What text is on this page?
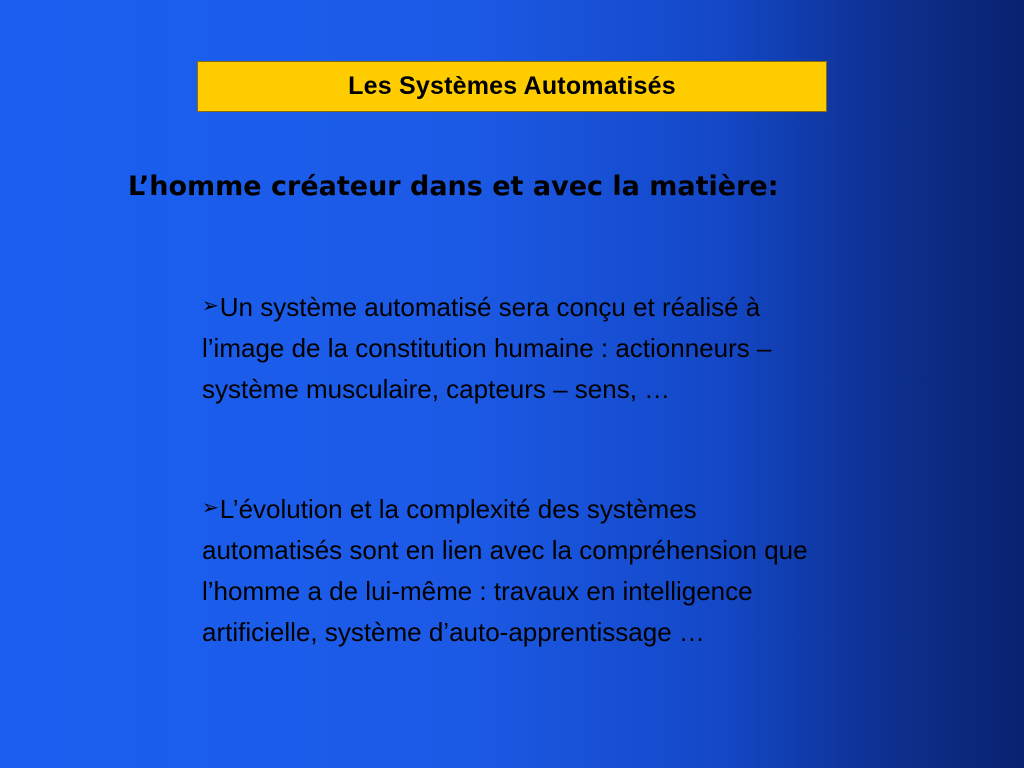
Les Systèmes Automatisés
L’homme créateur dans et avec la matière:
➢Un système automatisé sera conçu et réalisé à l’image de la constitution humaine : actionneurs – système musculaire, capteurs – sens, …
➢L’évolution et la complexité des systèmes automatisés sont en lien avec la compréhension que l’homme a de lui-même : travaux en intelligence artificielle, système d’auto-apprentissage …
